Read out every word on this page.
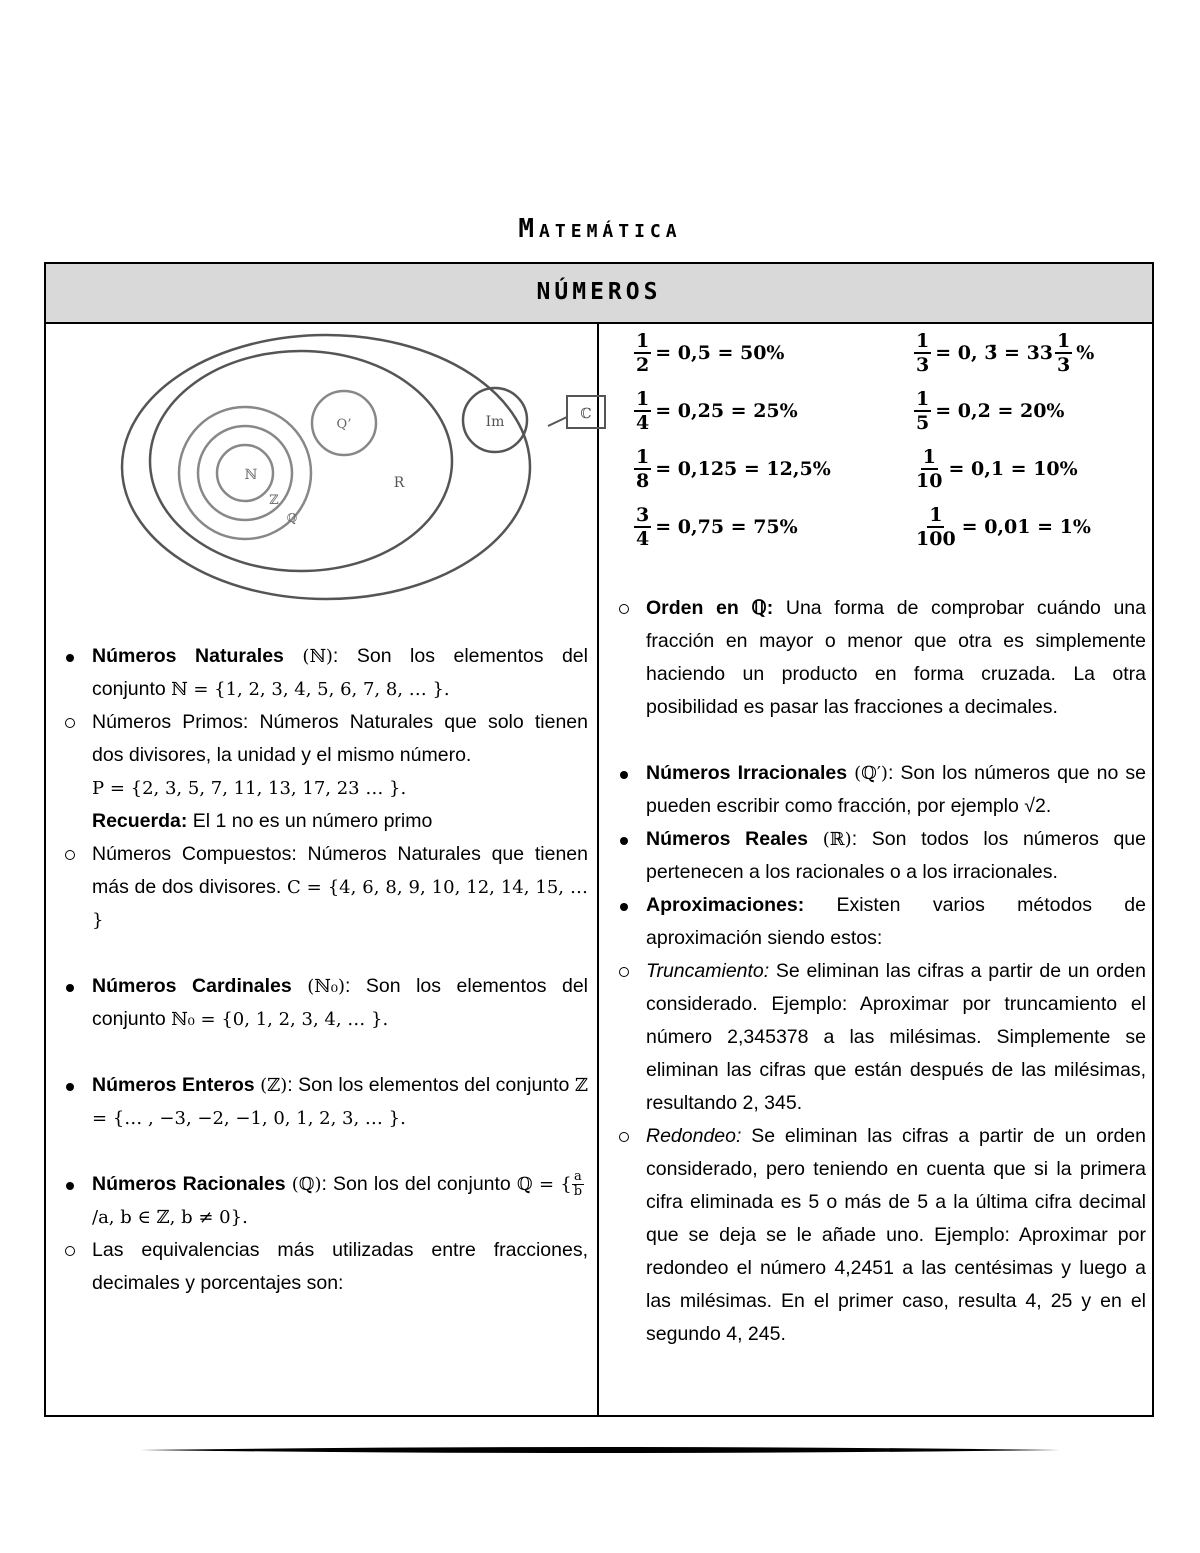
Matemática
NÚMEROS
ℕ
ℤ
ℚ
Q’
R
Im	ℂ
Números Naturales (ℕ): Son los elementos del conjunto ℕ = {1, 2, 3, 4, 5, 6, 7, 8, … }.
Números Primos: Números Naturales que solo tienen dos divisores, la unidad y el mismo número.
P = {2, 3, 5, 7, 11, 13, 17, 23 … }.
Recuerda: El 1 no es un número primo
Números Compuestos: Números Naturales que tienen más de dos divisores. C = {4, 6, 8, 9, 10, 12, 14, 15, … }
Números Cardinales (ℕ₀): Son los elementos del conjunto ℕ₀ = {0, 1, 2, 3, 4, … }.
Números Enteros (ℤ): Son los elementos del conjunto ℤ = {… , −3, −2, −1, 0, 1, 2, 3, … }.
Números Racionales (ℚ): Son los del conjunto ℚ = { $\frac{a}{b}$
/a, b ∈ ℤ, b ≠ 0}.
Las equivalencias más utilizadas entre fracciones, decimales y porcentajes son:
$\frac{1}{2} = 0,5 = 50\%$	$\frac{1}{3} = 0$, 3̄ = $33 \frac{1}{3}$ %
$\frac{1}{4} = 0,25 = 25\%$	$\frac{1}{5} = 0,2 = 20\%$
$\frac{1}{8} = 0,125 = 12,5\%$	$\frac{1}{10} = 0,1 = 10\%$
$\frac{3}{4} = 0,75 = 75\%$	$\frac{1}{100} = 0,01 = 1\%$
Orden en ℚ: Una forma de comprobar cuándo una fracción en mayor o menor que otra es simplemente haciendo un producto en forma cruzada. La otra posibilidad es pasar las fracciones a decimales.
Números Irracionales (ℚ′): Son los números que no se pueden escribir como fracción, por ejemplo √2.
Números Reales (ℝ): Son todos los números que pertenecen a los racionales o a los irracionales.
Aproximaciones: Existen varios métodos de aproximación siendo estos:
Truncamiento: Se eliminan las cifras a partir de un orden considerado. Ejemplo: Aproximar por truncamiento el número 2,345378 a las milésimas. Simplemente se eliminan las cifras que están después de las milésimas, resultando 2, 345.
Redondeo: Se eliminan las cifras a partir de un orden considerado, pero teniendo en cuenta que si la primera cifra eliminada es 5 o más de 5 a la última cifra decimal que se deja se le añade uno. Ejemplo: Aproximar por redondeo el número 4,2451 a las centésimas y luego a las milésimas. En el primer caso, resulta 4, 25 y en el segundo 4, 245.
